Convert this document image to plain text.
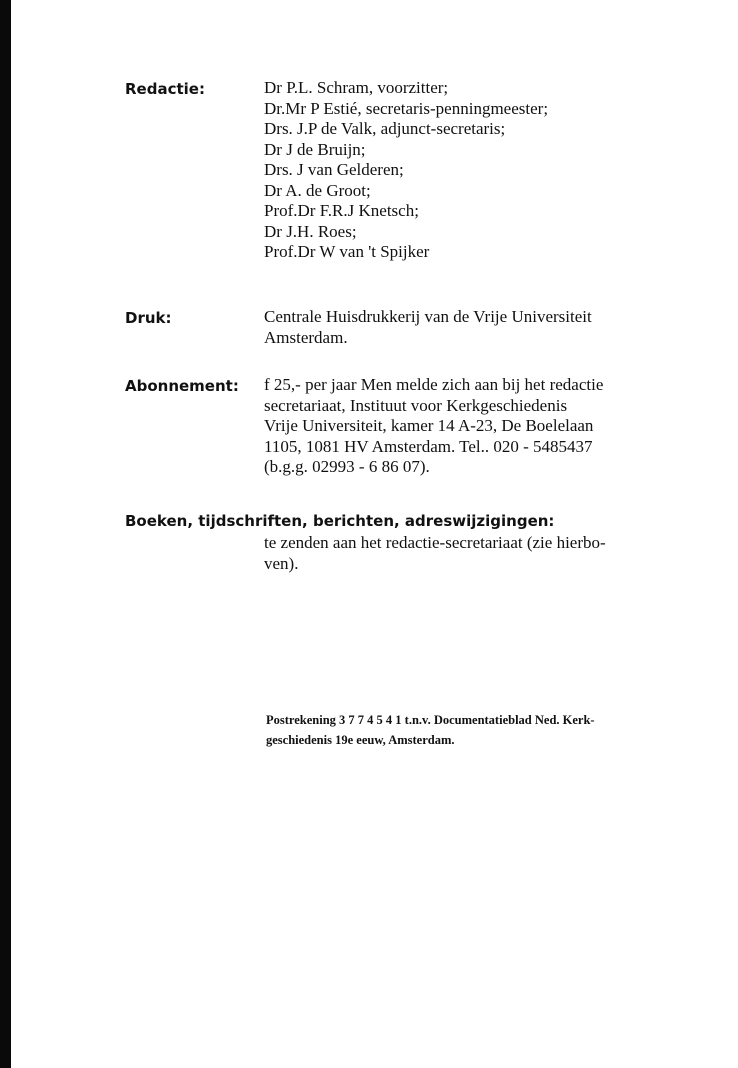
Redactie:	Dr P.L. Schram, voorzitter;
Dr.Mr P Estié, secretaris-penningmeester;
Drs. J.P de Valk, adjunct-secretaris;
Dr J de Bruijn;
Drs. J van Gelderen;
Dr A. de Groot;
Prof.Dr F.R.J Knetsch;
Dr J.H. Roes;
Prof.Dr W van 't Spijker
Druk:	Centrale Huisdrukkerij van de Vrije Universiteit
Amsterdam.
Abonnement: f 25,- per jaar Men melde zich aan bij het redactie
secretariaat, Instituut voor Kerkgeschiedenis
Vrije Universiteit, kamer 14 A-23, De Boelelaan
1105, 1081 HV Amsterdam. Tel.. 020 - 5485437
(b.g.g. 02993 - 6 86 07).
Boeken, tijdschriften, berichten, adreswijzigingen:
te zenden aan het redactie-secretariaat (zie hierbo-
ven).
Postrekening 3 7 7 4 5 4 1 t.n.v. Documentatieblad Ned. Kerk-
geschiedenis 19e eeuw, Amsterdam.
